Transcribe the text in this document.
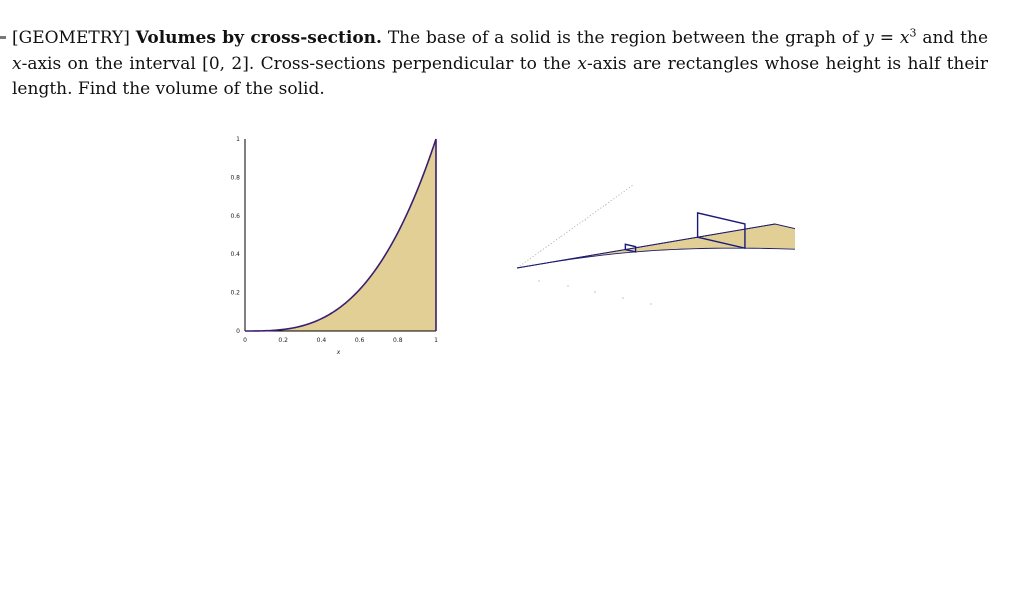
[GEOMETRY] Volumes by cross-section. The base of a solid is the region between the graph of $y = x^3$ and the x-axis on the interval [0, 2]. Cross-sections perpendicular to the x-axis are rectangles whose height is half their length. Find the volume of the solid.

0	0.2	0.4	0.6	0.8	1
0
0.2
0.4
0.6
0.8
1
x
·
·
·
·
